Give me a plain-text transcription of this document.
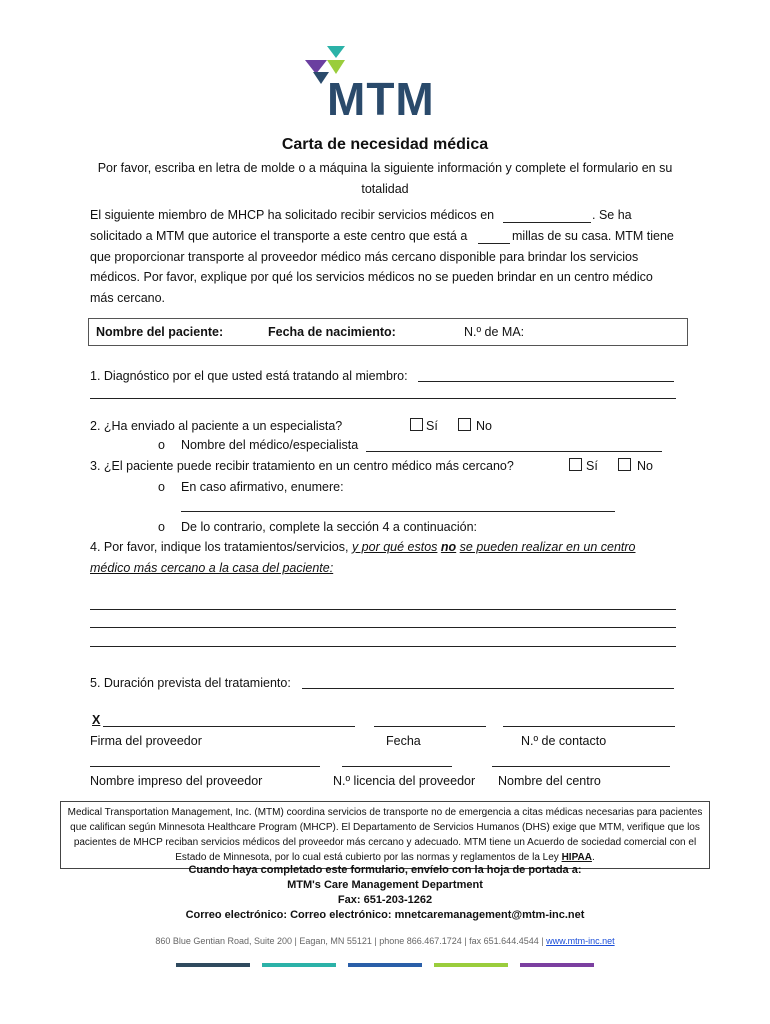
MTM
Carta de necesidad médica
Por favor, escriba en letra de molde o a máquina la siguiente información y complete el formulario en su
totalidad
El siguiente miembro de MHCP ha solicitado recibir servicios médicos en	. Se ha
solicitado a MTM que autorice el transporte a este centro que está a	millas de su casa. MTM tiene
que proporcionar transporte al proveedor médico más cercano disponible para brindar los servicios
médicos. Por favor, explique por qué los servicios médicos no se pueden brindar en un centro médico
más cercano.
Nombre del paciente:	Fecha de nacimiento:	N.º de MA:
1. Diagnóstico por el que usted está tratando al miembro:
2. ¿Ha enviado al paciente a un especialista?	Sí	No
o Nombre del médico/especialista
3. ¿El paciente puede recibir tratamiento en un centro médico más cercano?	Sí	No
o En caso afirmativo, enumere:
o De lo contrario, complete la sección 4 a continuación:
4. Por favor, indique los tratamientos/servicios, y por qué estos no se pueden realizar en un centro
médico más cercano a la casa del paciente:
5. Duración prevista del tratamiento:
X
Firma del proveedor	Fecha	N.º de contacto
Nombre impreso del proveedor	N.º licencia del proveedor Nombre del centro
Medical Transportation Management, Inc. (MTM) coordina servicios de transporte no de emergencia a citas médicas necesarias para pacientes que califican según Minnesota Healthcare Program (MHCP). El Departamento de Servicios Humanos (DHS) exige que MTM, verifique que los pacientes de MHCP reciban servicios médicos del proveedor más cercano y adecuado. MTM tiene un Acuerdo de sociedad comercial con el Estado de Minnesota, por lo cual está cubierto por las normas y reglamentos de la Ley HIPAA.
Cuando haya completado este formulario, envíelo con la hoja de portada a:
MTM's Care Management Department
Fax: 651-203-1262
Correo electrónico: Correo electrónico: mnetcaremanagement@mtm-inc.net
860 Blue Gentian Road, Suite 200 | Eagan, MN 55121 | phone 866.467.1724 | fax 651.644.4544 | www.mtm-inc.net
